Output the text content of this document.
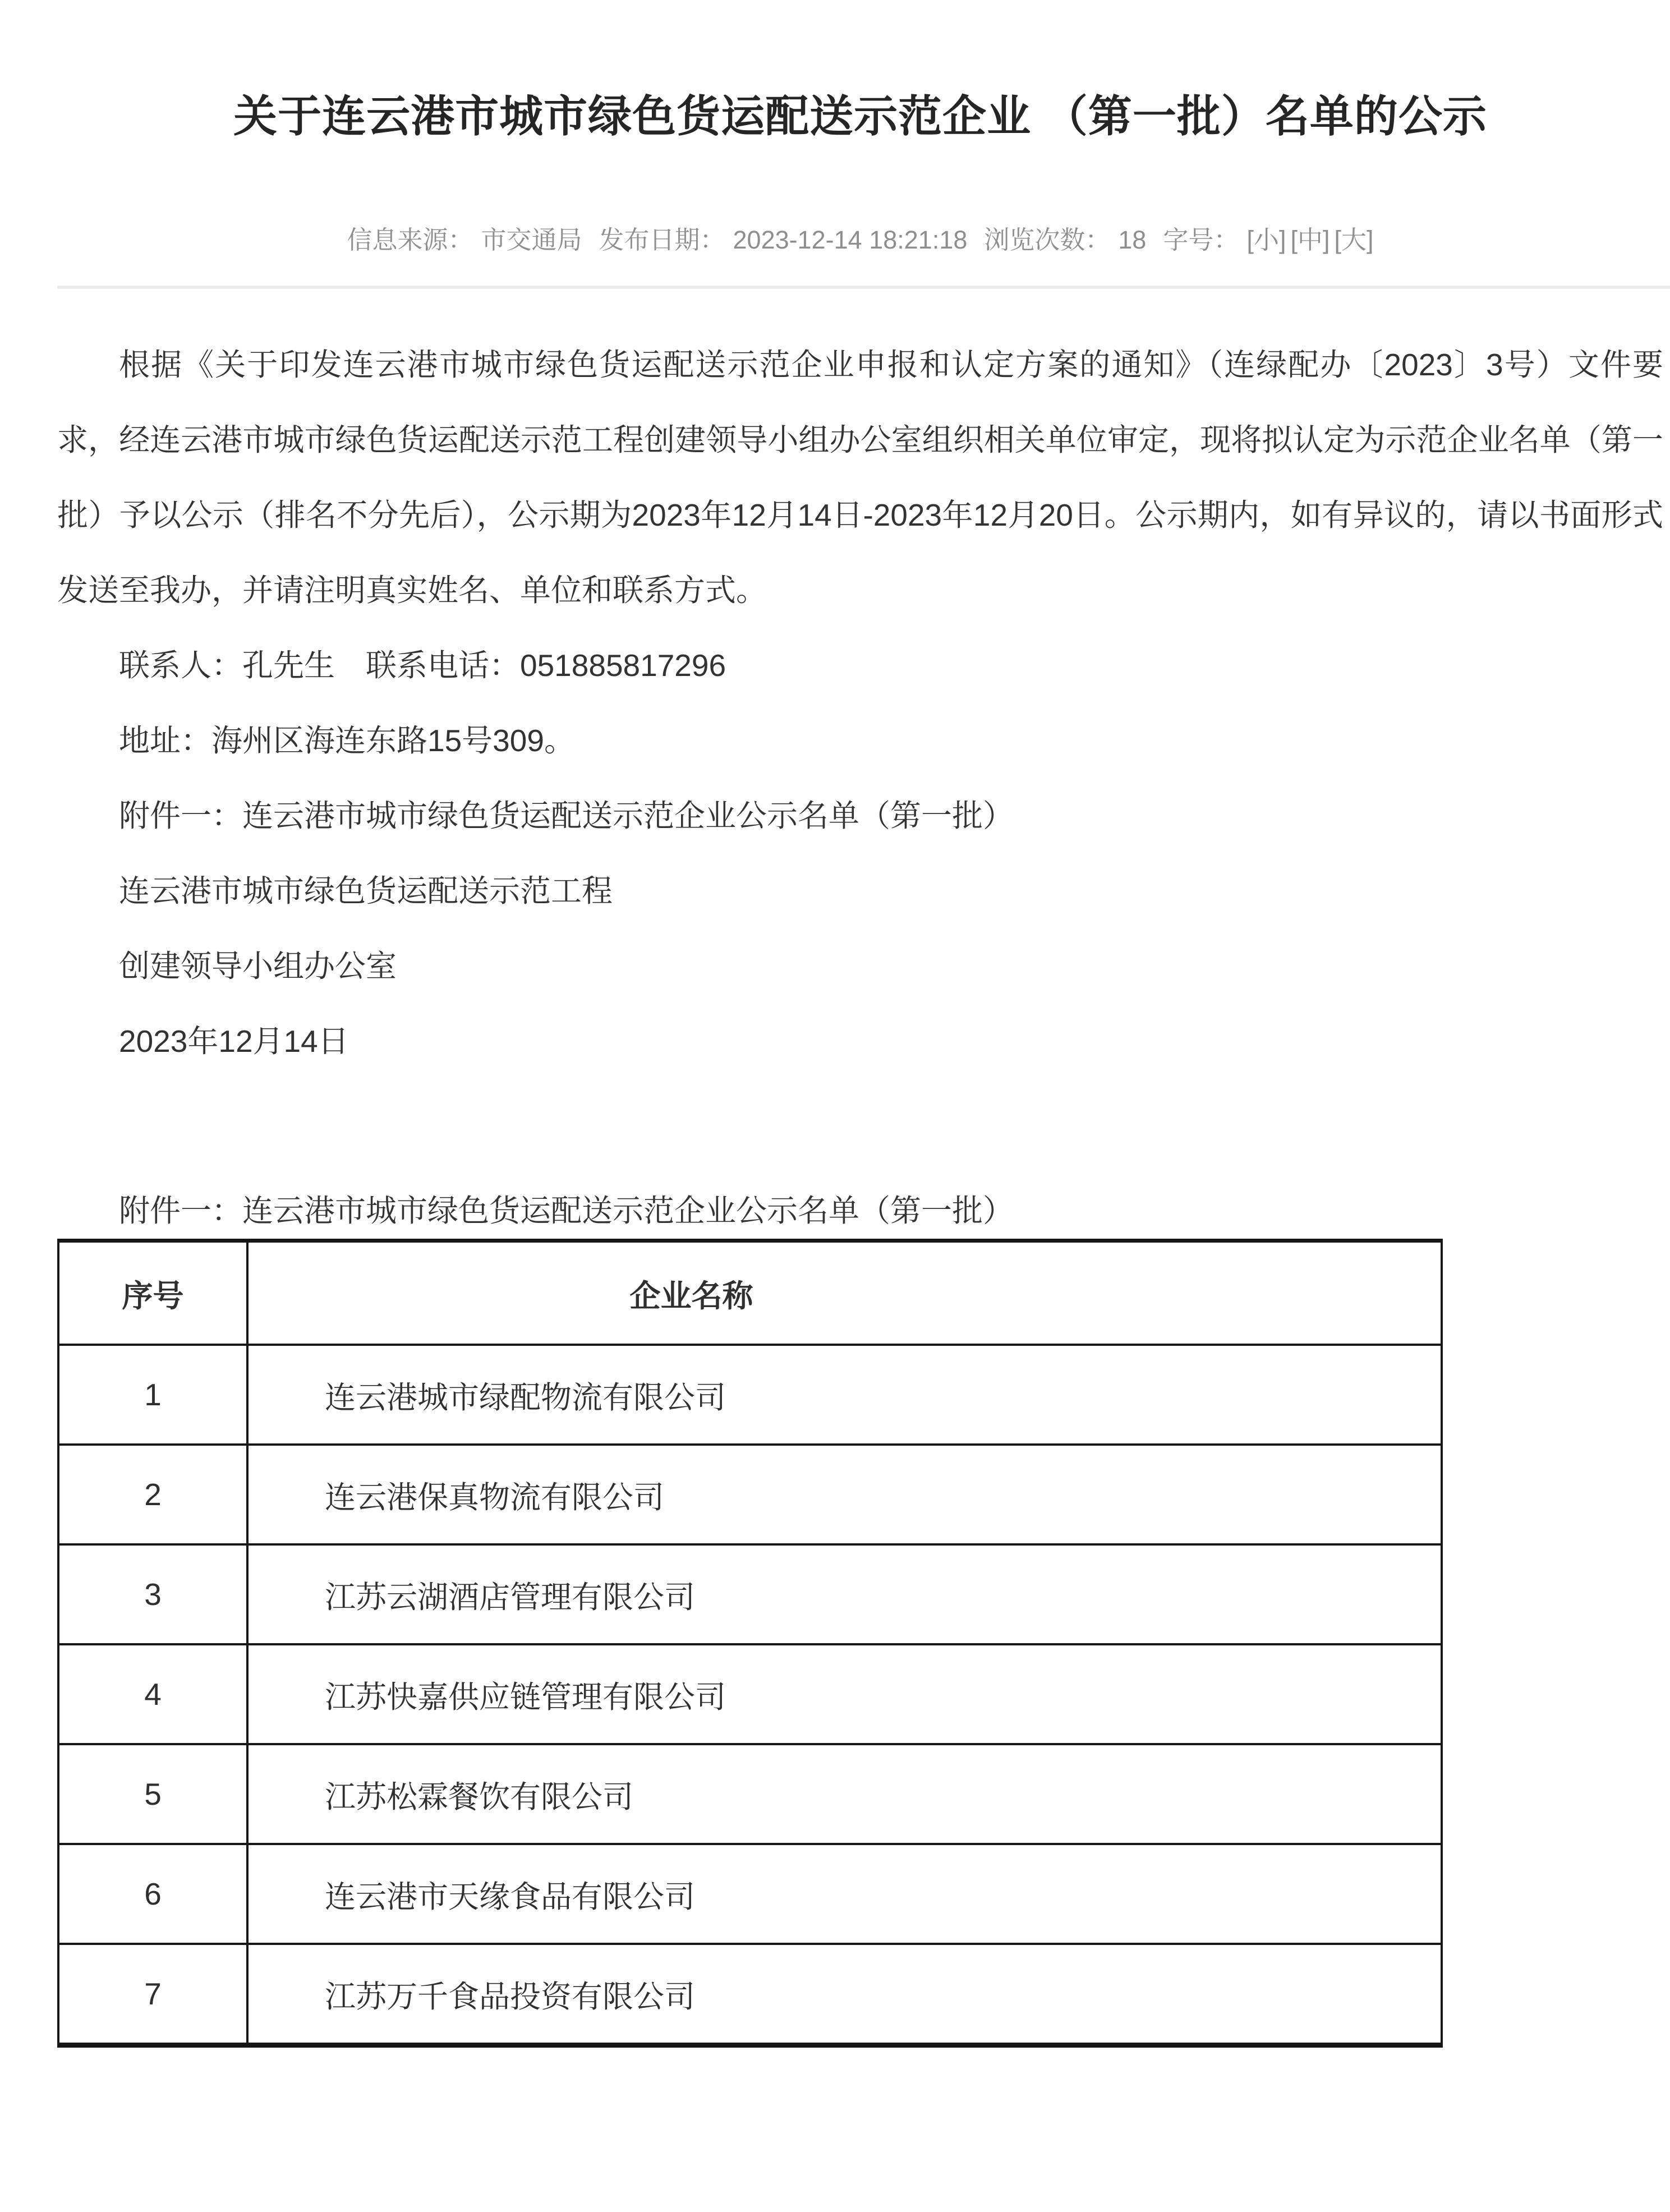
关于连云港市城市绿色货运配送示范企业 （第一批）名单的公示
信息来源： 市交通局 发布日期： 2023-12-14 18:21:18 浏览次数： 18 字号： [小] [中] [大]

根据《关于印发连云港市城市绿色货运配送示范企业申报和认定方案的通知》（连绿配办〔2023〕3号）文件要求，经连云港市城市绿色货运配送示范工程创建领导小组办公室组织相关单位审定，现将拟认定为示范企业名单（第一批）予以公示（排名不分先后），公示期为2023年12月14日-2023年12月20日。公示期内，如有异议的，请以书面形式发送至我办，并请注明真实姓名、单位和联系方式。

联系人：孔先生　联系电话：051885817296

地址：海州区海连东路15号309。

附件一：连云港市城市绿色货运配送示范企业公示名单（第一批）

连云港市城市绿色货运配送示范工程

创建领导小组办公室

2023年12月14日

附件一：连云港市城市绿色货运配送示范企业公示名单（第一批）

序号	企业名称
1	连云港城市绿配物流有限公司
2	连云港保真物流有限公司
3	江苏云湖酒店管理有限公司
4	江苏快嘉供应链管理有限公司
5	江苏松霖餐饮有限公司
6	连云港市天缘食品有限公司
7	江苏万千食品投资有限公司
